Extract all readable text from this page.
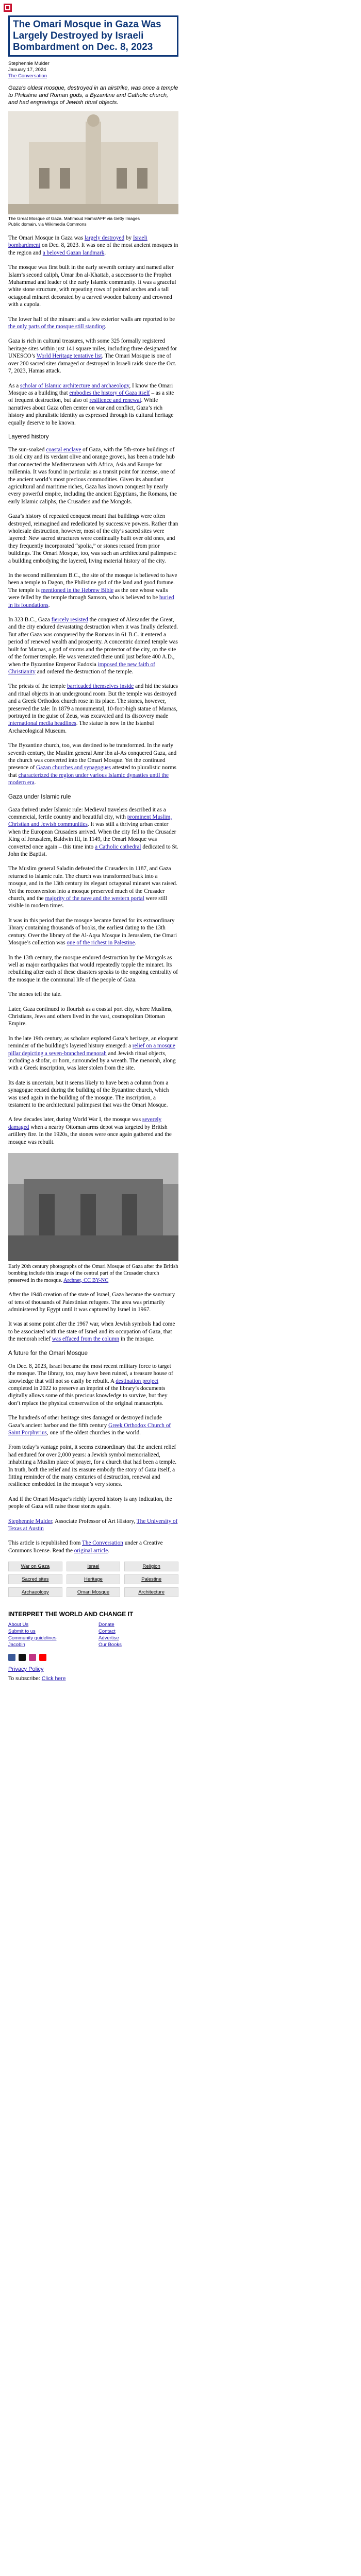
The Omari Mosque in Gaza Was Largely Destroyed by Israeli Bombardment on Dec. 8, 2023
Stephennie Mulder
January 17, 2024
The Conversation
Gaza’s oldest mosque, destroyed in an airstrike, was once a temple to Philistine and Roman gods, a Byzantine and Catholic church, and had engravings of Jewish ritual objects.
The Great Mosque of Gaza. Mahmoud Hams/AFP via Getty Images
Public domain, via Wikimedia Commons

The Omari Mosque in Gaza was largely destroyed by Israeli bombardment on Dec. 8, 2023. It was one of the most ancient mosques in the region and a beloved Gazan landmark.

The mosque was first built in the early seventh century and named after Islam’s second caliph, Umar ibn al-Khattab, a successor to the Prophet Muhammad and leader of the early Islamic community. It was a graceful white stone structure, with repeating rows of pointed arches and a tall octagonal minaret decorated by a carved wooden balcony and crowned with a cupola.

The lower half of the minaret and a few exterior walls are reported to be the only parts of the mosque still standing.

Gaza is rich in cultural treasures, with some 325 formally registered heritage sites within just 141 square miles, including three designated for UNESCO’s World Heritage tentative list. The Omari Mosque is one of over 200 sacred sites damaged or destroyed in Israeli raids since the Oct. 7, 2023, Hamas attack.

As a scholar of Islamic architecture and archaeology, I know the Omari Mosque as a building that embodies the history of Gaza itself – as a site of frequent destruction, but also of resilience and renewal. While narratives about Gaza often center on war and conflict, Gaza’s rich history and pluralistic identity as expressed through its cultural heritage equally deserve to be known.

Layered history

The sun-soaked coastal enclave of Gaza, with the 5th-stone buildings of its old city and its verdant olive and orange groves, has been a trade hub that connected the Mediterranean with Africa, Asia and Europe for millennia. It was found in particular as a transit point for incense, one of the ancient world’s most precious commodities. Given its abundant agricultural and maritime riches, Gaza has known conquest by nearly every powerful empire, including the ancient Egyptians, the Romans, the early Islamic caliphs, the Crusaders and the Mongols.

Gaza’s history of repeated conquest meant that buildings were often destroyed, reimagined and rededicated by successive powers. Rather than wholesale destruction, however, most of the city’s sacred sites were layered: New sacred structures were continually built over old ones, and they frequently incorporated “spolia,” or stones reused from prior buildings. The Omari Mosque, too, was such an architectural palimpsest: a building embodying the layered, living material history of the city.

In the second millennium B.C., the site of the mosque is believed to have been a temple to Dagon, the Philistine god of the land and good fortune. The temple is mentioned in the Hebrew Bible as the one whose walls were felled by the temple through Samson, who is believed to be buried in its foundations.

In 323 B.C., Gaza fiercely resisted the conquest of Alexander the Great, and the city endured devastating destruction when it was finally defeated. But after Gaza was conquered by the Romans in 61 B.C. it entered a period of renewed wealth and prosperity. A concentric domed temple was built for Marnas, a god of storms and the protector of the city, on the site of the former temple. He was venerated there until just before 400 A.D., when the Byzantine Emperor Eudoxia imposed the new faith of Christianity and ordered the destruction of the temple.

The priests of the temple barricaded themselves inside and hid the statues and ritual objects in an underground room. But the temple was destroyed and a Greek Orthodox church rose in its place. The stones, however, preserved the tale: In 1879 a monumental, 10-foot-high statue of Marnas, portrayed in the guise of Zeus, was excavated and its discovery made international media headlines. The statue is now in the Istanbul Archaeological Museum.

The Byzantine church, too, was destined to be transformed. In the early seventh century, the Muslim general Amr ibn al-As conquered Gaza, and the church was converted into the Omari Mosque. Yet the continued presence of Gazan churches and synagogues attested to pluralistic norms that characterized the region under various Islamic dynasties until the modern era.

Gaza under Islamic rule

Gaza thrived under Islamic rule: Medieval travelers described it as a commercial, fertile country and beautiful city, with prominent Muslim, Christian and Jewish communities. It was still a thriving urban center when the European Crusaders arrived. When the city fell to the Crusader King of Jerusalem, Baldwin III, in 1149, the Omari Mosque was converted once again – this time into a Catholic cathedral dedicated to St. John the Baptist.

The Muslim general Saladin defeated the Crusaders in 1187, and Gaza returned to Islamic rule. The church was transformed back into a mosque, and in the 13th century its elegant octagonal minaret was raised. Yet the reconversion into a mosque preserved much of the Crusader church, and the majority of the nave and the western portal were still visible in modern times.

It was in this period that the mosque became famed for its extraordinary library containing thousands of books, the earliest dating to the 13th century. Over the library of the Al-Aqsa Mosque in Jerusalem, the Omari Mosque’s collection was one of the richest in Palestine.

In the 13th century, the mosque endured destruction by the Mongols as well as major earthquakes that would repeatedly topple the minaret. Its rebuilding after each of these disasters speaks to the ongoing centrality of the mosque in the communal life of the people of Gaza.

The stones tell the tale.

Later, Gaza continued to flourish as a coastal port city, where Muslims, Christians, Jews and others lived in the vast, cosmopolitan Ottoman Empire.

In the late 19th century, as scholars explored Gaza’s heritage, an eloquent reminder of the building’s layered history emerged: a relief on a mosque pillar depicting a seven-branched menorah and Jewish ritual objects, including a shofar, or horn, surrounded by a wreath. The menorah, along with a Greek inscription, was later stolen from the site.

Its date is uncertain, but it seems likely to have been a column from a synagogue reused during the building of the Byzantine church, which was used again in the building of the mosque. The inscription, a testament to the architectural palimpsest that was the Omari Mosque.

A few decades later, during World War I, the mosque was severely damaged when a nearby Ottoman arms depot was targeted by British artillery fire. In the 1920s, the stones were once again gathered and the mosque was rebuilt.

Early 20th century photographs of the Omari Mosque of Gaza after the British bombing include this image of the central part of the Crusader church preserved in the mosque. Archnet, CC BY-NC

After the 1948 creation of the state of Israel, Gaza became the sanctuary of tens of thousands of Palestinian refugees. The area was primarily administered by Egypt until it was captured by Israel in 1967.

It was at some point after the 1967 war, when Jewish symbols had come to be associated with the state of Israel and its occupation of Gaza, that the menorah relief was effaced from the column in the mosque.

A future for the Omari Mosque

On Dec. 8, 2023, Israel became the most recent military force to target the mosque. The library, too, may have been ruined, a treasure house of knowledge that will not so easily be rebuilt. A destination project completed in 2022 to preserve an imprint of the library’s documents digitally allows some of this precious knowledge to survive, but they don’t replace the physical conservation of the original manuscripts.

The hundreds of other heritage sites damaged or destroyed include Gaza’s ancient harbor and the fifth century Greek Orthodox Church of Saint Porphyrius, one of the oldest churches in the world.

From today’s vantage point, it seems extraordinary that the ancient relief had endured for over 2,000 years: a Jewish symbol memorialized, inhabiting a Muslim place of prayer, for a church that had been a temple. In truth, both the relief and its erasure embody the story of Gaza itself, a fitting reminder of the many centuries of destruction, renewal and resilience embedded in the mosque’s very stones.

And if the Omari Mosque’s richly layered history is any indication, the people of Gaza will raise those stones again.

Stephennie Mulder, Associate Professor of Art History, The University of Texas at Austin

This article is republished from The Conversation under a Creative Commons license. Read the original article.

War on Gaza	Israel	Religion
Sacred sites	Heritage	Palestine
Archaeology	Omari Mosque	Architecture
INTERPRET THE WORLD AND CHANGE IT
About Us	Donate
Submit to us	Contact
Community guidelines	Advertise
Jacobin	Our Books
Privacy Policy
To subscribe: Click here
